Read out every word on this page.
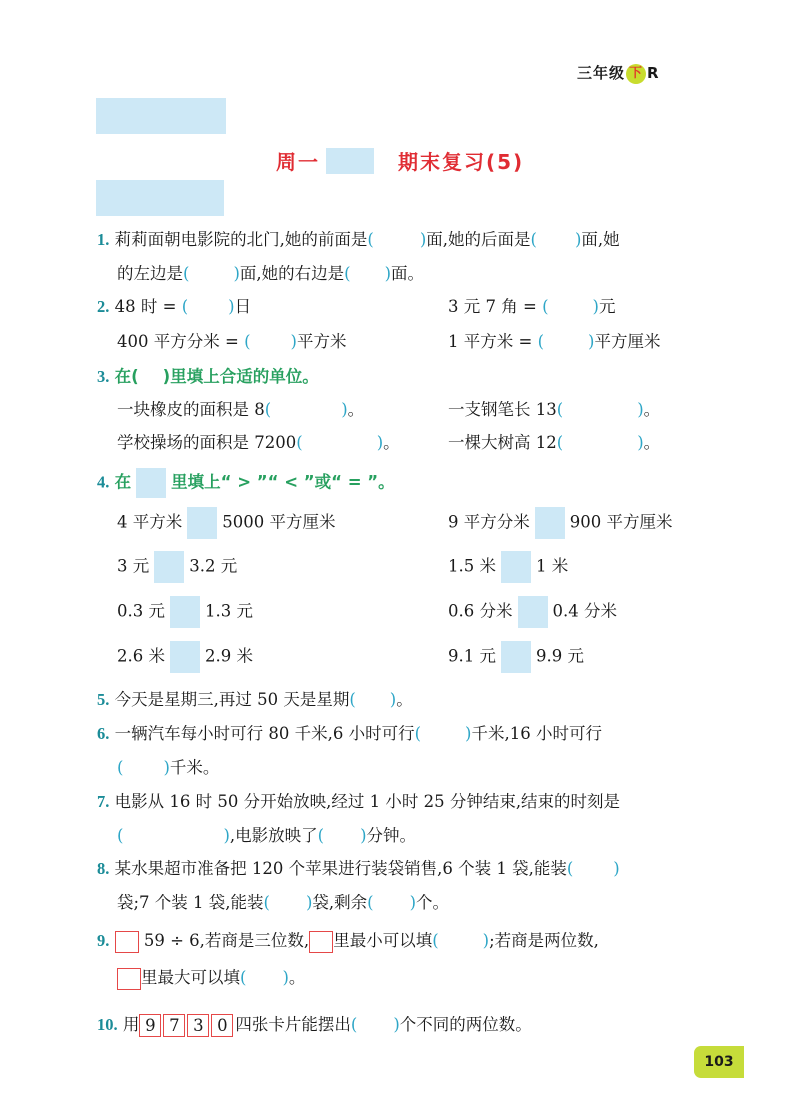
三年级 下 R
周一	期末复习(5)
1. 莉莉面朝电影院的北门,她的前面是(	)面,她的后面是( )面,她
的左边是(	)面,她的右边是( )面。
2. 48 时 = ( )日	3 元 7 角 = (	)元
400 平方分米 = ( )平方米	1 平方米 = (	)平方厘米
3. 在( )里填上合适的单位。
一块橡皮的面积是 8(	)。	一支钢笔长 13(	)。
学校操场的面积是 7200(	)。	一棵大树高 12(	)。
4. 在 里填上“ > ”“ < ”或“ = ”。
4 平方米 5000 平方厘米	9 平方分米 900 平方厘米
3 元 3.2 元	1.5 米 1 米
0.3 元 1.3 元	0.6 分米 0.4 分米
2.6 米 2.9 米	9.1 元 9.9 元
5. 今天是星期三,再过 50 天是星期( )。
6. 一辆汽车每小时可行 80 千米,6 小时可行(	)千米,16 小时可行
( )千米。
7. 电影从 16 时 50 分开始放映,经过 1 小时 25 分钟结束,结束的时刻是
(	),电影放映了( )分钟。
8. 某水果超市准备把 120 个苹果进行装袋销售,6 个装 1 袋,能装( )
袋;7 个装 1 袋,能装( )袋,剩余( )个。
9. 59 ÷ 6,若商是三位数, 里最小可以填(	);若商是两位数,
里最大可以填( )。
10. 用 9 7 3 0 四张卡片能摆出( )个不同的两位数。
103
